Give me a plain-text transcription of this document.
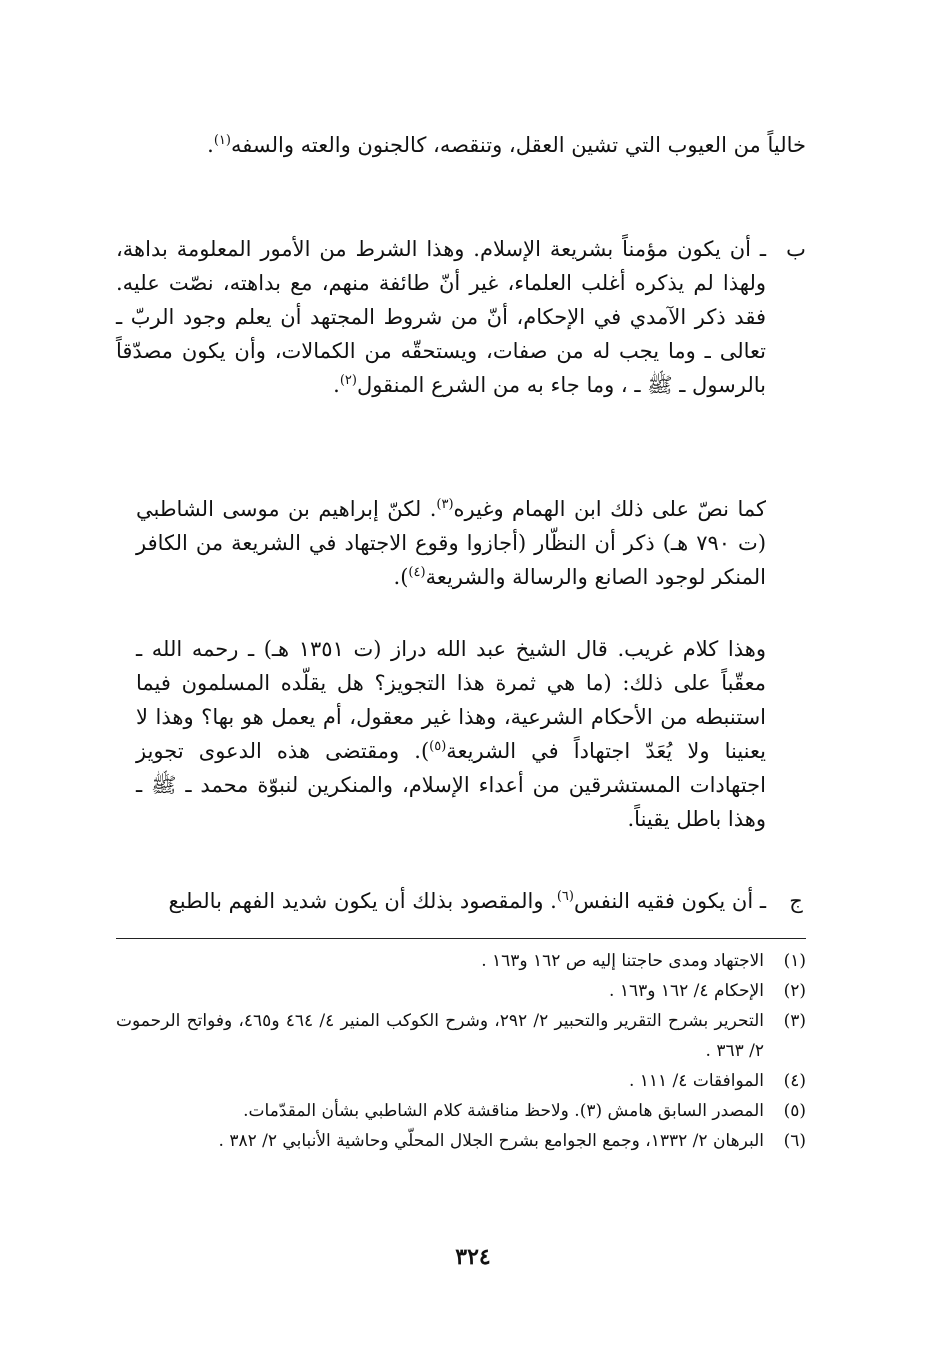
خالياً من العيوب التي تشين العقل، وتنقصه، كالجنون والعته والسفه$^{(١)}$.
ب
ـ أن يكون مؤمناً بشريعة الإسلام. وهذا الشرط من الأمور المعلومة بداهة، ولهذا لم يذكره أغلب العلماء، غير أنّ طائفة منهم، مع بداهته، نصّت عليه. فقد ذكر الآمدي في الإحكام، أنّ من شروط المجتهد أن يعلم وجود الربّ ـ تعالى ـ وما يجب له من صفات، ويستحقّه من الكمالات، وأن يكون مصدّقاً بالرسول ـ ﷺ ـ ، وما جاء به من الشرع المنقول$^{(٢)}$.
كما نصّ على ذلك ابن الهمام وغيره$^{(٣)}$. لكنّ إبراهيم بن موسى الشاطبي (ت ٧٩٠ هـ) ذكر أن النظّار (أجازوا وقوع الاجتهاد في الشريعة من الكافر المنكر لوجود الصانع والرسالة والشريعة$^{(٤)}$).
وهذا كلام غريب. قال الشيخ عبد الله دراز (ت ١٣٥١ هـ) ـ رحمه الله ـ معقّباً على ذلك: (ما هي ثمرة هذا التجويز؟ هل يقلّده المسلمون فيما استنبطه من الأحكام الشرعية، وهذا غير معقول، أم يعمل هو بها؟ وهذا لا يعنينا ولا يُعَدّ اجتهاداً في الشريعة$^{(٥)}$). ومقتضى هذه الدعوى تجويز اجتهادات المستشرقين من أعداء الإسلام، والمنكرين لنبوّة محمد ـ ﷺ ـ وهذا باطل يقيناً.
ج
ـ أن يكون فقيه النفس$^{(٦)}$. والمقصود بذلك أن يكون شديد الفهم بالطبع
(١)
الاجتهاد ومدى حاجتنا إليه ص ١٦٢ و١٦٣ .
(٢)
الإحكام ٤/ ١٦٢ و١٦٣ .
(٣)
التحرير بشرح التقرير والتحبير ٢/ ٢٩٢، وشرح الكوكب المنير ٤/ ٤٦٤ و٤٦٥، وفواتح الرحموت ٢/ ٣٦٣ .
(٤)
الموافقات ٤/ ١١١ .
(٥)
المصدر السابق هامش (٣). ولاحظ مناقشة كلام الشاطبي بشأن المقدّمات.
(٦)
البرهان ٢/ ١٣٣٢، وجمع الجوامع بشرح الجلال المحلّي وحاشية الأنبابي ٢/ ٣٨٢ .
٣٢٤
